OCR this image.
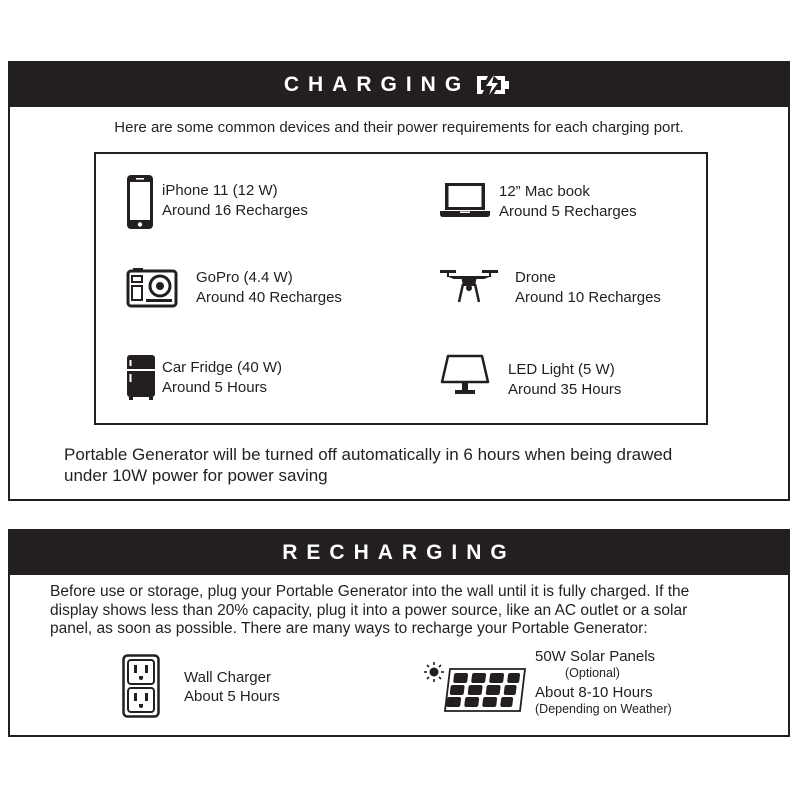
CHARGING
Here are some common devices and their power requirements for each charging port.
iPhone 11 (12 W)
Around 16 Recharges
12” Mac book
Around 5 Recharges
GoPro (4.4 W)
Around 40 Recharges
Drone
Around 10 Recharges
Car Fridge (40 W)
Around 5 Hours
LED Light (5 W)
Around 35 Hours
Portable Generator will be turned off automatically in 6 hours when being drawed
under 10W power for power saving
RECHARGING
Before use or storage, plug your Portable Generator into the wall until it is fully charged. If the
display shows less than 20% capacity, plug it into a power source, like an AC outlet or a solar
panel, as soon as possible. There are many ways to recharge your Portable Generator:
Wall Charger
About 5 Hours
50W Solar Panels
(Optional)
About 8-10 Hours
(Depending on Weather)
